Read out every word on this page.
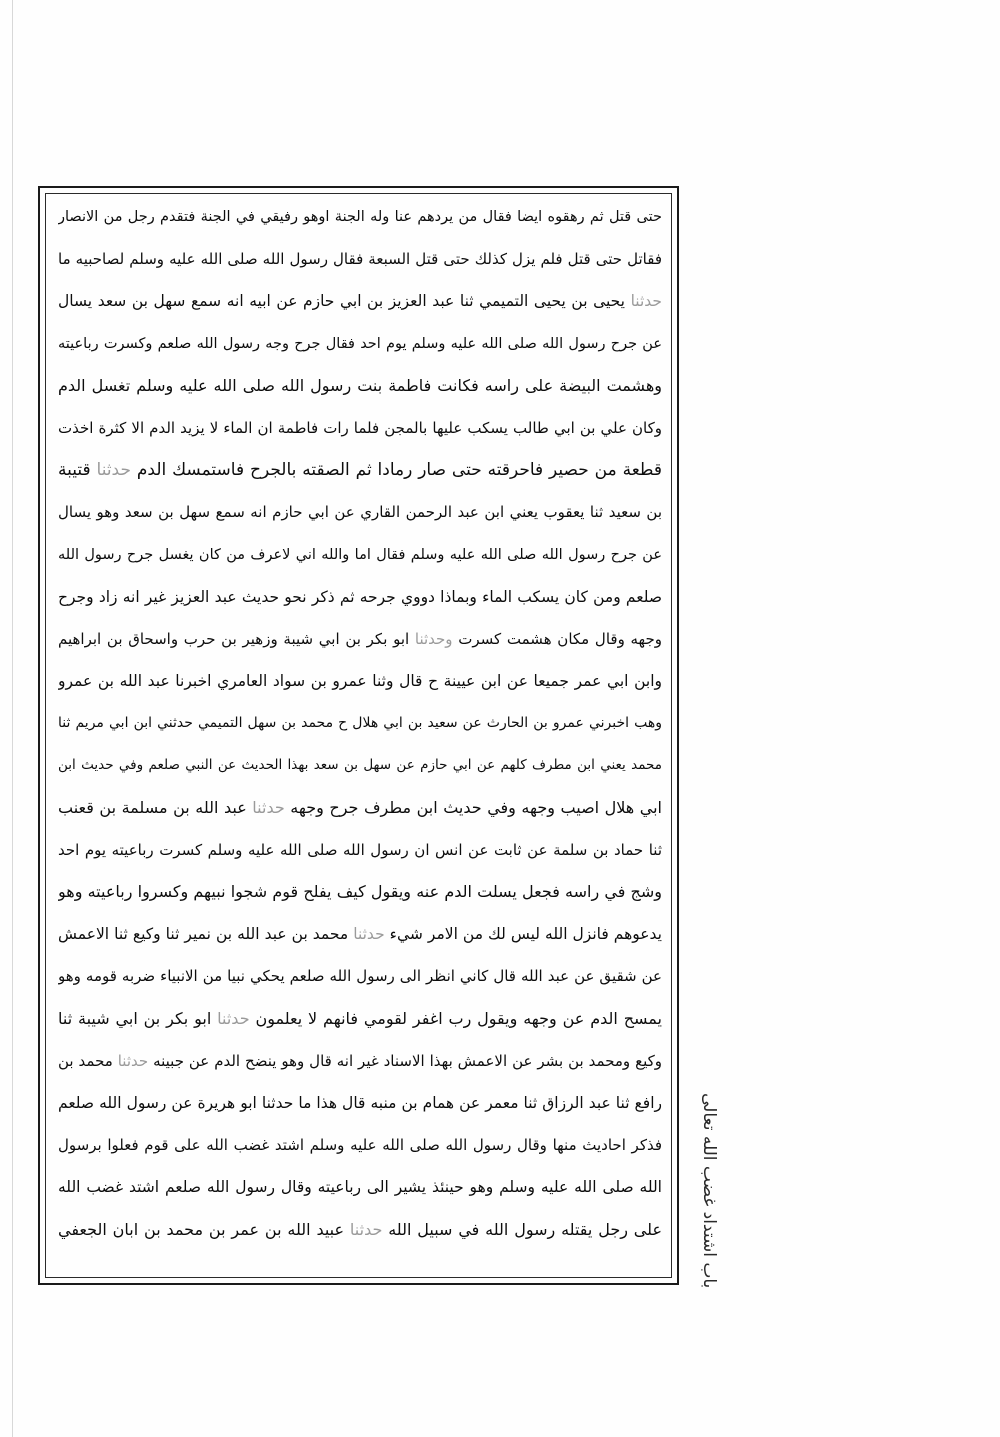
حتى قتل ثم رهقوه ايضا فقال من يردهم عنا وله الجنة اوهو رفيقي في الجنة فتقدم رجل من الانصار
فقاتل حتى قتل فلم يزل كذلك حتى قتل السبعة فقال رسول الله صلى الله عليه وسلم لصاحبيه ما
حدثنا يحيى بن يحيى التميمي ثنا عبد العزيز بن ابي حازم عن ابيه انه سمع سهل بن سعد يسال
عن جرح رسول الله صلى الله عليه وسلم يوم احد فقال جرح وجه رسول الله صلعم وكسرت رباعيته
وهشمت البيضة على راسه فكانت فاطمة بنت رسول الله صلى الله عليه وسلم تغسل الدم
وكان علي بن ابي طالب يسكب عليها بالمجن فلما رات فاطمة ان الماء لا يزيد الدم الا كثرة اخذت
قطعة من حصير فاحرقته حتى صار رمادا ثم الصقته بالجرح فاستمسك الدم حدثنا قتيبة
بن سعيد ثنا يعقوب يعني ابن عبد الرحمن القاري عن ابي حازم انه سمع سهل بن سعد وهو يسال
عن جرح رسول الله صلى الله عليه وسلم فقال اما والله اني لاعرف من كان يغسل جرح رسول الله
صلعم ومن كان يسكب الماء وبماذا دووي جرحه ثم ذكر نحو حديث عبد العزيز غير انه زاد وجرح
وجهه وقال مكان هشمت كسرت وحدثنا ابو بكر بن ابي شيبة وزهير بن حرب واسحاق بن ابراهيم
وابن ابي عمر جميعا عن ابن عيينة ح قال وثنا عمرو بن سواد العامري اخبرنا عبد الله بن عمرو
وهب اخبرني عمرو بن الحارث عن سعيد بن ابي هلال ح محمد بن سهل التميمي حدثني ابن ابي مريم ثنا
محمد يعني ابن مطرف كلهم عن ابي حازم عن سهل بن سعد بهذا الحديث عن النبي صلعم وفي حديث ابن
ابي هلال اصيب وجهه وفي حديث ابن مطرف جرح وجهه حدثنا عبد الله بن مسلمة بن قعنب
ثنا حماد بن سلمة عن ثابت عن انس ان رسول الله صلى الله عليه وسلم كسرت رباعيته يوم احد
وشج في راسه فجعل يسلت الدم عنه ويقول كيف يفلح قوم شجوا نبيهم وكسروا رباعيته وهو
يدعوهم فانزل الله ليس لك من الامر شيء حدثنا محمد بن عبد الله بن نمير ثنا وكيع ثنا الاعمش
عن شقيق عن عبد الله قال كاني انظر الى رسول الله صلعم يحكي نبيا من الانبياء ضربه قومه وهو
يمسح الدم عن وجهه ويقول رب اغفر لقومي فانهم لا يعلمون حدثنا ابو بكر بن ابي شيبة ثنا
وكيع ومحمد بن بشر عن الاعمش بهذا الاسناد غير انه قال وهو ينضح الدم عن جبينه حدثنا محمد بن
رافع ثنا عبد الرزاق ثنا معمر عن همام بن منبه قال هذا ما حدثنا ابو هريرة عن رسول الله صلعم
فذكر احاديث منها وقال رسول الله صلى الله عليه وسلم اشتد غضب الله على قوم فعلوا برسول
الله صلى الله عليه وسلم وهو حينئذ يشير الى رباعيته وقال رسول الله صلعم اشتد غضب الله
على رجل يقتله رسول الله في سبيل الله حدثنا عبيد الله بن عمر بن محمد بن ابان الجعفي	باب اشتداد غضب الله تعالى
